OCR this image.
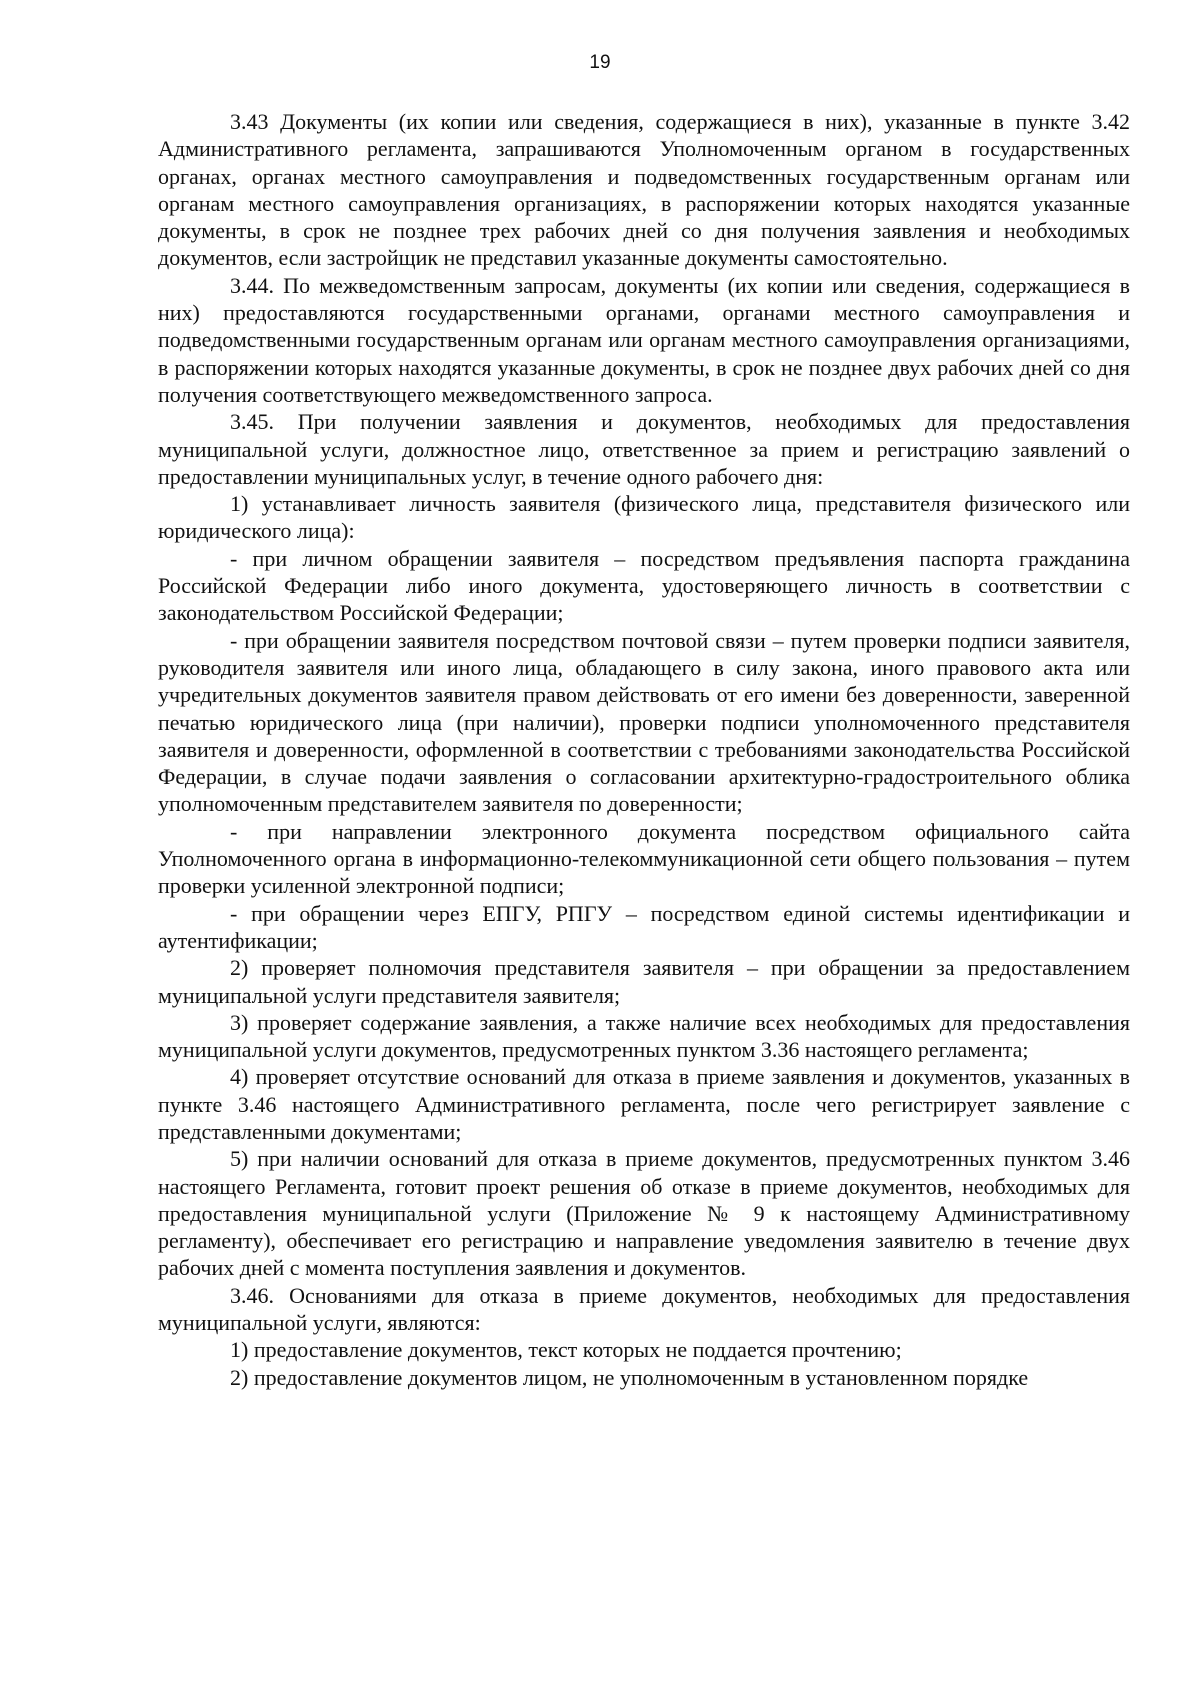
19

3.43 Документы (их копии или сведения, содержащиеся в них), указанные в пункте 3.42 Административного регламента, запрашиваются Уполномоченным органом в государственных органах, органах местного самоуправления и подведомственных государственным органам или органам местного самоуправления организациях, в распоряжении которых находятся указанные документы, в срок не позднее трех рабочих дней со дня получения заявления и необходимых документов, если застройщик не представил указанные документы самостоятельно.

3.44. По межведомственным запросам, документы (их копии или сведения, содержащиеся в них) предоставляются государственными органами, органами местного самоуправления и подведомственными государственным органам или органам местного самоуправления организациями, в распоряжении которых находятся указанные документы, в срок не позднее двух рабочих дней со дня получения соответствующего межведомственного запроса.

3.45. При получении заявления и документов, необходимых для предоставления муниципальной услуги, должностное лицо, ответственное за прием и регистрацию заявлений о предоставлении муниципальных услуг, в течение одного рабочего дня:

1) устанавливает личность заявителя (физического лица, представителя физического или юридического лица):

- при личном обращении заявителя – посредством предъявления паспорта гражданина Российской Федерации либо иного документа, удостоверяющего личность в соответствии с законодательством Российской Федерации;

- при обращении заявителя посредством почтовой связи – путем проверки подписи заявителя, руководителя заявителя или иного лица, обладающего в силу закона, иного правового акта или учредительных документов заявителя правом действовать от его имени без доверенности, заверенной печатью юридического лица (при наличии), проверки подписи уполномоченного представителя заявителя и доверенности, оформленной в соответствии с требованиями законодательства Российской Федерации, в случае подачи заявления о согласовании архитектурно-градостроительного облика уполномоченным представителем заявителя по доверенности;

- при направлении электронного документа посредством официального сайта Уполномоченного органа в информационно-телекоммуникационной сети общего пользования – путем проверки усиленной электронной подписи;

- при обращении через ЕПГУ, РПГУ – посредством единой системы идентификации и аутентификации;

2) проверяет полномочия представителя заявителя – при обращении за предоставлением муниципальной услуги представителя заявителя;

3) проверяет содержание заявления, а также наличие всех необходимых для предоставления муниципальной услуги документов, предусмотренных пунктом 3.36 настоящего регламента;

4) проверяет отсутствие оснований для отказа в приеме заявления и документов, указанных в пункте 3.46 настоящего Административного регламента, после чего регистрирует заявление с представленными документами;

5) при наличии оснований для отказа в приеме документов, предусмотренных пунктом 3.46 настоящего Регламента, готовит проект решения об отказе в приеме документов, необходимых для предоставления муниципальной услуги (Приложение № 9 к настоящему Административному регламенту), обеспечивает его регистрацию и направление уведомления заявителю в течение двух рабочих дней с момента поступления заявления и документов.

3.46. Основаниями для отказа в приеме документов, необходимых для предоставления муниципальной услуги, являются:

1) предоставление документов, текст которых не поддается прочтению;

2) предоставление документов лицом, не уполномоченным в установленном порядке
